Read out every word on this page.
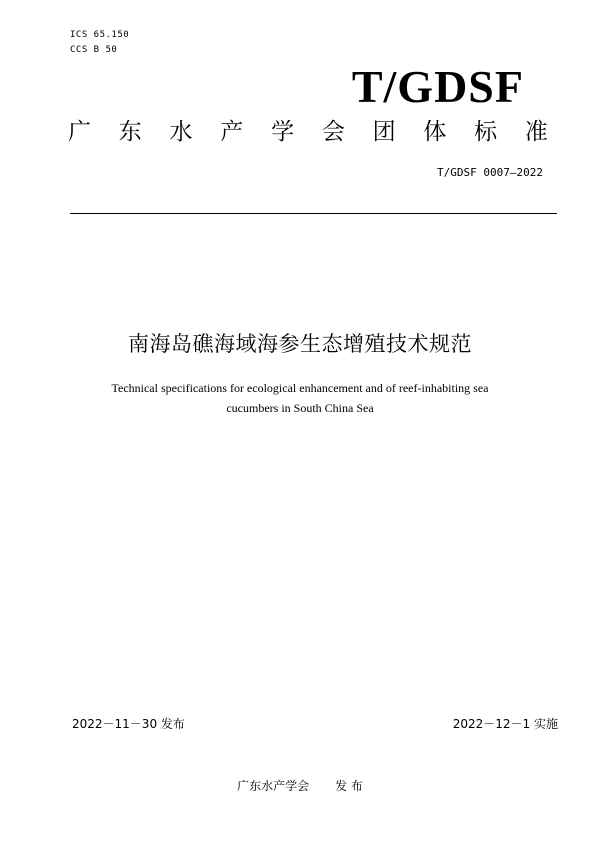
ICS 65.150
CCS B 50
T/GDSF
广 东 水 产 学 会 团 体 标 准
T/GDSF 0007—2022
南海岛礁海域海参生态增殖技术规范
Technical specifications for ecological enhancement and of reef-inhabiting sea
cucumbers in South China Sea
2022－11－30 发布	2022－12－1 实施
广东水产学会 发 布
